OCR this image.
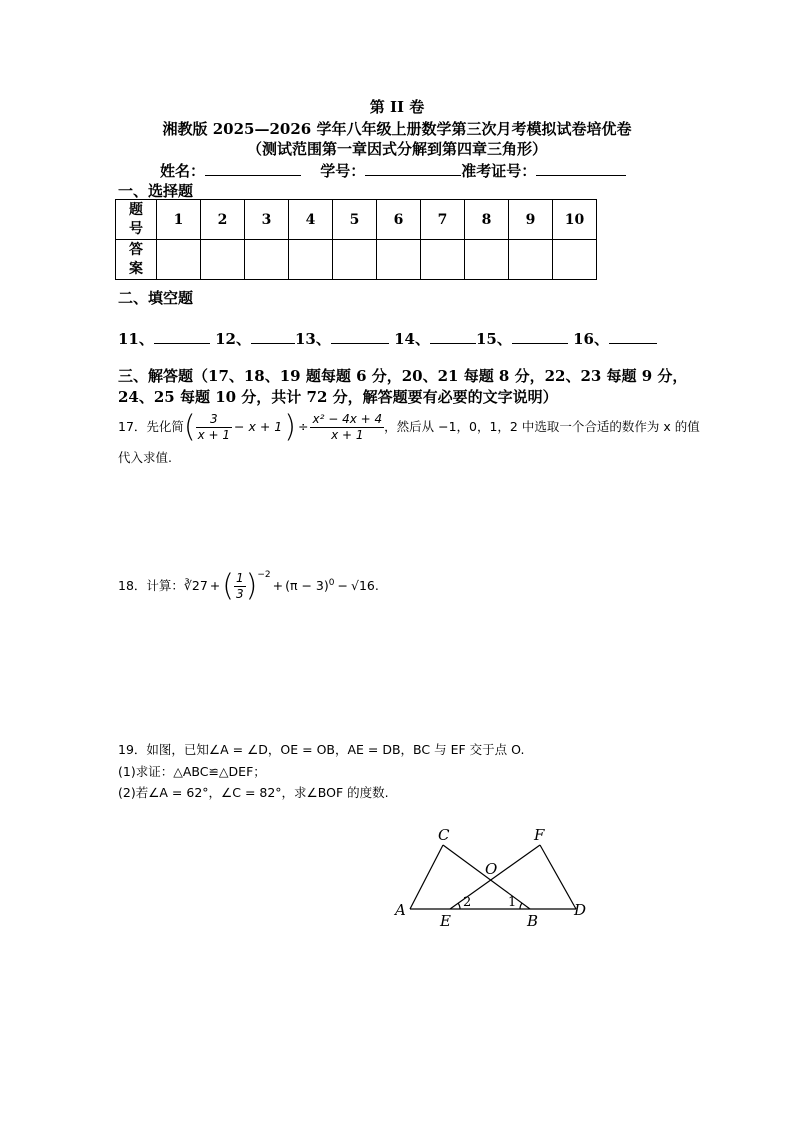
第 II 卷
湘教版 2025—2026 学年八年级上册数学第三次月考模拟试卷培优卷
（测试范围第一章因式分解到第四章三角形）
姓名：	学号：	准考证号：
一、选择题
题
号	1	2	3	4	5	6	7	8	9	10
答
案										
二、填空题
11、	12、	13、	14、	15、	16、
三、解答题（17、18、19 题每题 6 分，20、21 每题 8 分，22、23 每题 9 分，
24、25 每题 10 分，共计 72 分，解答题要有必要的文字说明）
17．先化简( $\frac{3}{x + 1} - x + 1) \div \frac{\text{x² − 4x + 4}}{x + 1}$ ，然后从 −1，0，1，2 中选取一个合适的数作为 x 的值
代入求值.
18．计算：∛27 +( $\frac{1}{3} )^{-2}+ (\pi - 3)^0 - √16$.
19．如图，已知∠A = ∠D，OE = OB，AE = DB，BC 与 EF 交于点 O.
(1)求证：△ABC≌△DEF；
(2)若∠A = 62°，∠C = 82°，求∠BOF 的度数.
A
C	F
O
E	B
D
2	1
